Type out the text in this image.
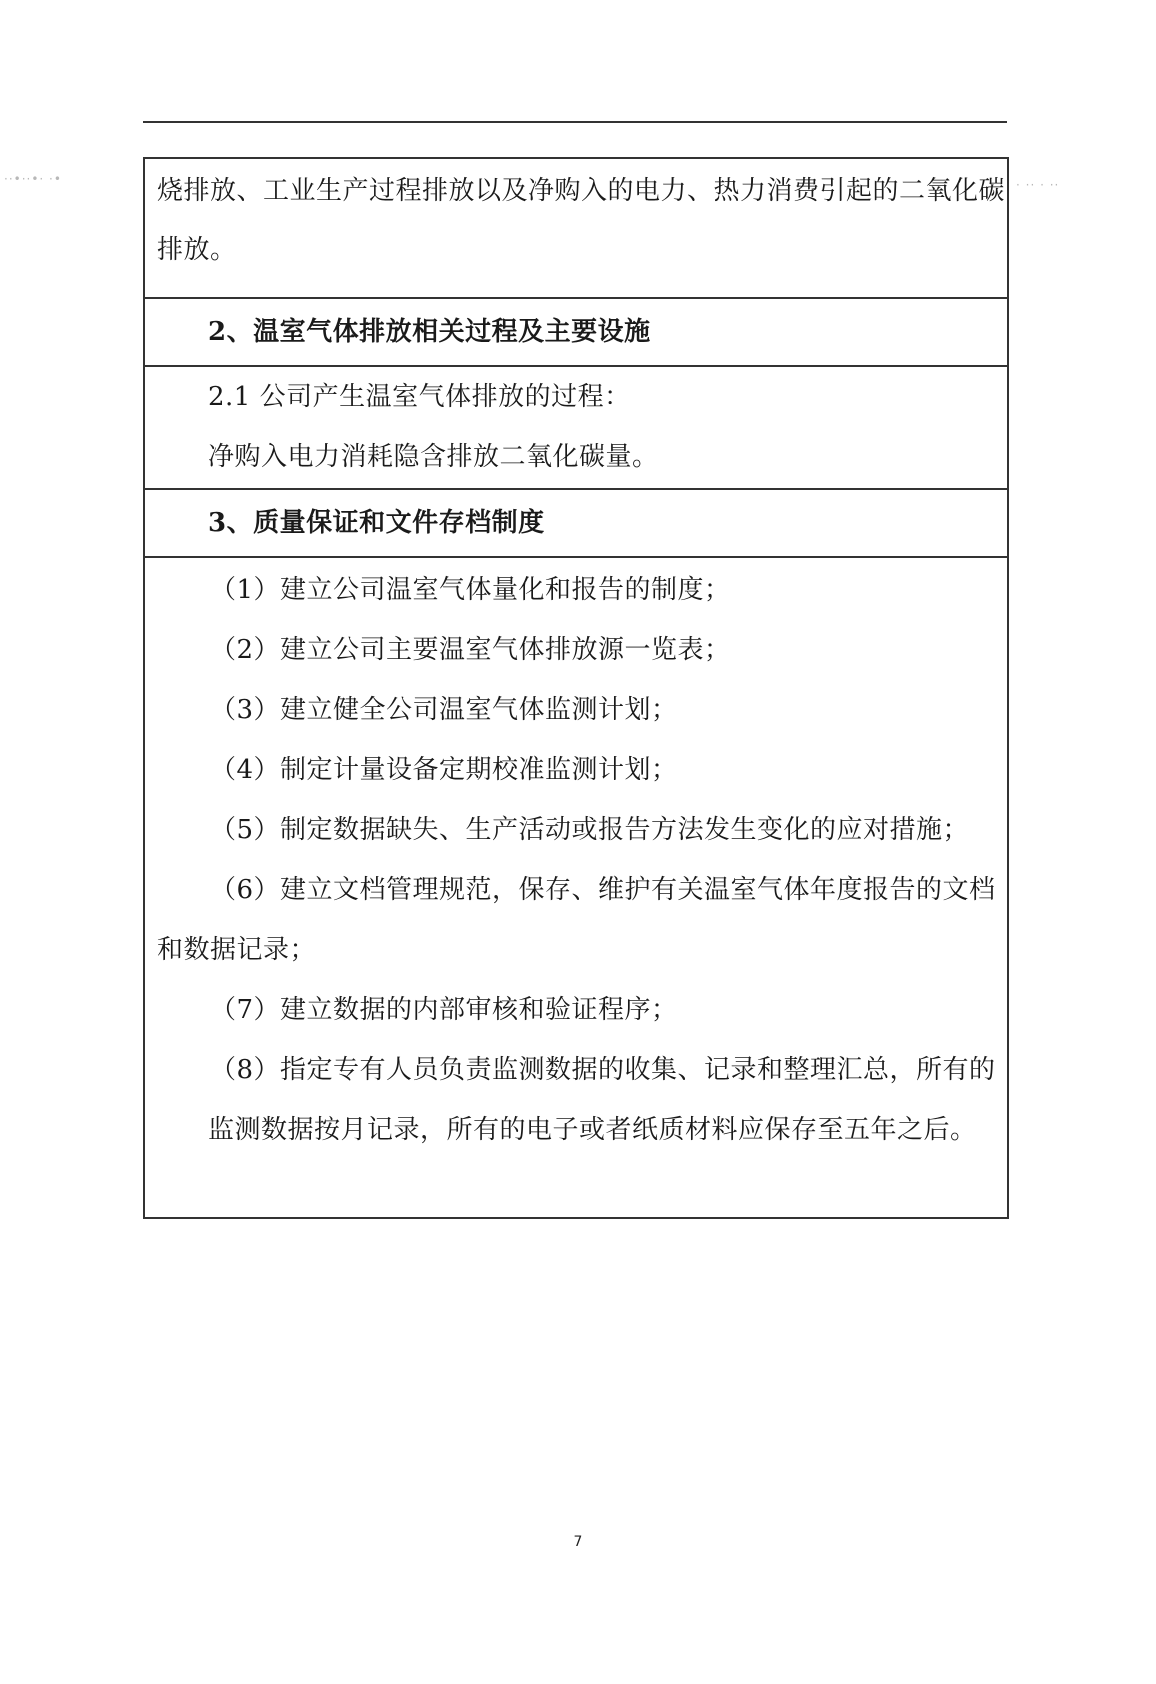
··•··•· ·•	· ·· · ··
烧排放、工业生产过程排放以及净购入的电力、热力消费引起的二氧化碳
排放。
2、温室气体排放相关过程及主要设施
2.1 公司产生温室气体排放的过程：
净购入电力消耗隐含排放二氧化碳量。
3、质量保证和文件存档制度
（1）建立公司温室气体量化和报告的制度；
（2）建立公司主要温室气体排放源一览表；
（3）建立健全公司温室气体监测计划；
（4）制定计量设备定期校准监测计划；
（5）制定数据缺失、生产活动或报告方法发生变化的应对措施；
（6）建立文档管理规范，保存、维护有关温室气体年度报告的文档
和数据记录；
（7）建立数据的内部审核和验证程序；
（8）指定专有人员负责监测数据的收集、记录和整理汇总，所有的
监测数据按月记录，所有的电子或者纸质材料应保存至五年之后。
7
